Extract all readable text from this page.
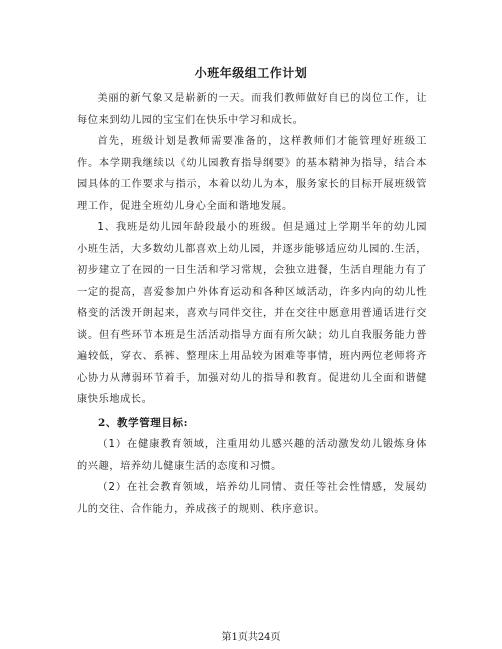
小班年级组工作计划

美丽的新气象又是崭新的一天。而我们教师做好自已的岗位工作，让每位来到幼儿园的宝宝们在快乐中学习和成长。

首先，班级计划是教师需要准备的，这样教师们才能管理好班级工作。本学期我继续以《幼儿园教育指导纲要》的基本精神为指导，结合本园具体的工作要求与指示，本着以幼儿为本，服务家长的目标开展班级管理工作，促进全班幼儿身心全面和谐地发展。

1、我班是幼儿园年龄段最小的班级。但是通过上学期半年的幼儿园小班生活，大多数幼儿都喜欢上幼儿园，并逐步能够适应幼儿园的.生活，初步建立了在园的一日生活和学习常规，会独立进餐，生活自理能力有了一定的提高，喜爱参加户外体育运动和各种区域活动，许多内向的幼儿性格变的活泼开朗起来，喜欢与同伴交往，并在交往中愿意用普通话进行交谈。但有些环节本班是生活活动指导方面有所欠缺；幼儿自我服务能力普遍较低，穿衣、系裤、整理床上用品较为困难等事情，班内两位老师将齐心协力从薄弱环节着手，加强对幼儿的指导和教育。促进幼儿全面和谐健康快乐地成长。

2、教学管理目标:

（1）在健康教育领域，注重用幼儿感兴趣的活动激发幼儿锻炼身体的兴趣，培养幼儿健康生活的态度和习惯。

（2）在社会教育领域，培养幼儿同情、责任等社会性情感，发展幼儿的交往、合作能力，养成孩子的规则、秩序意识。

第1页共24页
